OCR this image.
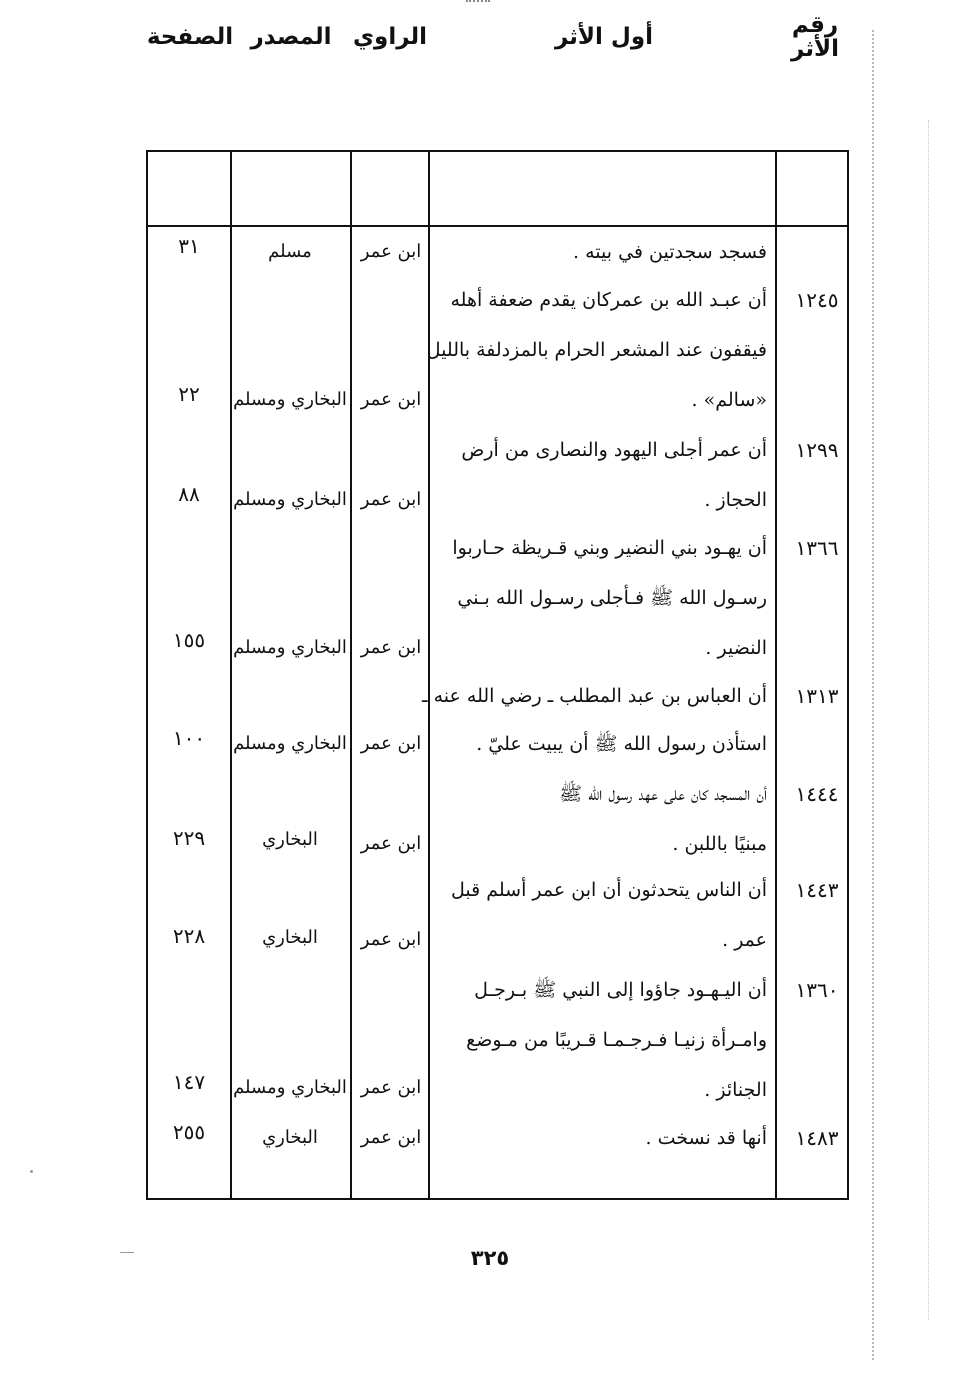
رقم الأثر
أول الأثر
الراوي
المصدر
الصفحة
فسجد سجدتين في بيته .
ابن عمر
مسلم
٣١
١٢٤٥
أن عبـد الله بن عمركان يقدم ضعفة أهله
فيقفون عند المشعر الحرام بالمزدلفة بالليل
«سالم» .
ابن عمر
البخاري ومسلم
٢٢
١٢٩٩
أن عمر أجلى اليهود والنصارى من أرض
الحجاز .
ابن عمر
البخاري ومسلم
٨٨
١٣٦٦
أن يهـود بني النضير وبني قـريظة حـاربوا
رسـول الله ﷺ فـأجلى رسـول الله بـني
النضير .
ابن عمر
البخاري ومسلم
١٥٥
١٣١٣
أن العباس بن عبد المطلب ـ رضي الله عنه ـ
استأذن رسول الله ﷺ أن يبيت عليّ .
ابن عمر
البخاري ومسلم
١٠٠
١٤٤٤
أن المسجد كان على عهد رسول الله ﷺ
مبنيًا باللبن .
ابن عمر
البخاري
٢٢٩
١٤٤٣
أن الناس يتحدثون أن ابن عمر أسلم قبل
عمر .
ابن عمر
البخاري
٢٢٨
١٣٦٠
أن اليـهـود جاؤوا إلى النبي ﷺ بـرجـل
وامـرأة زنيـا فـرجـمـا قـريبًا من مـوضع
الجنائز .
ابن عمر
البخاري ومسلم
١٤٧
١٤٨٣
أنها قد نسخت .
ابن عمر
البخاري
٢٥٥
٣٢٥
